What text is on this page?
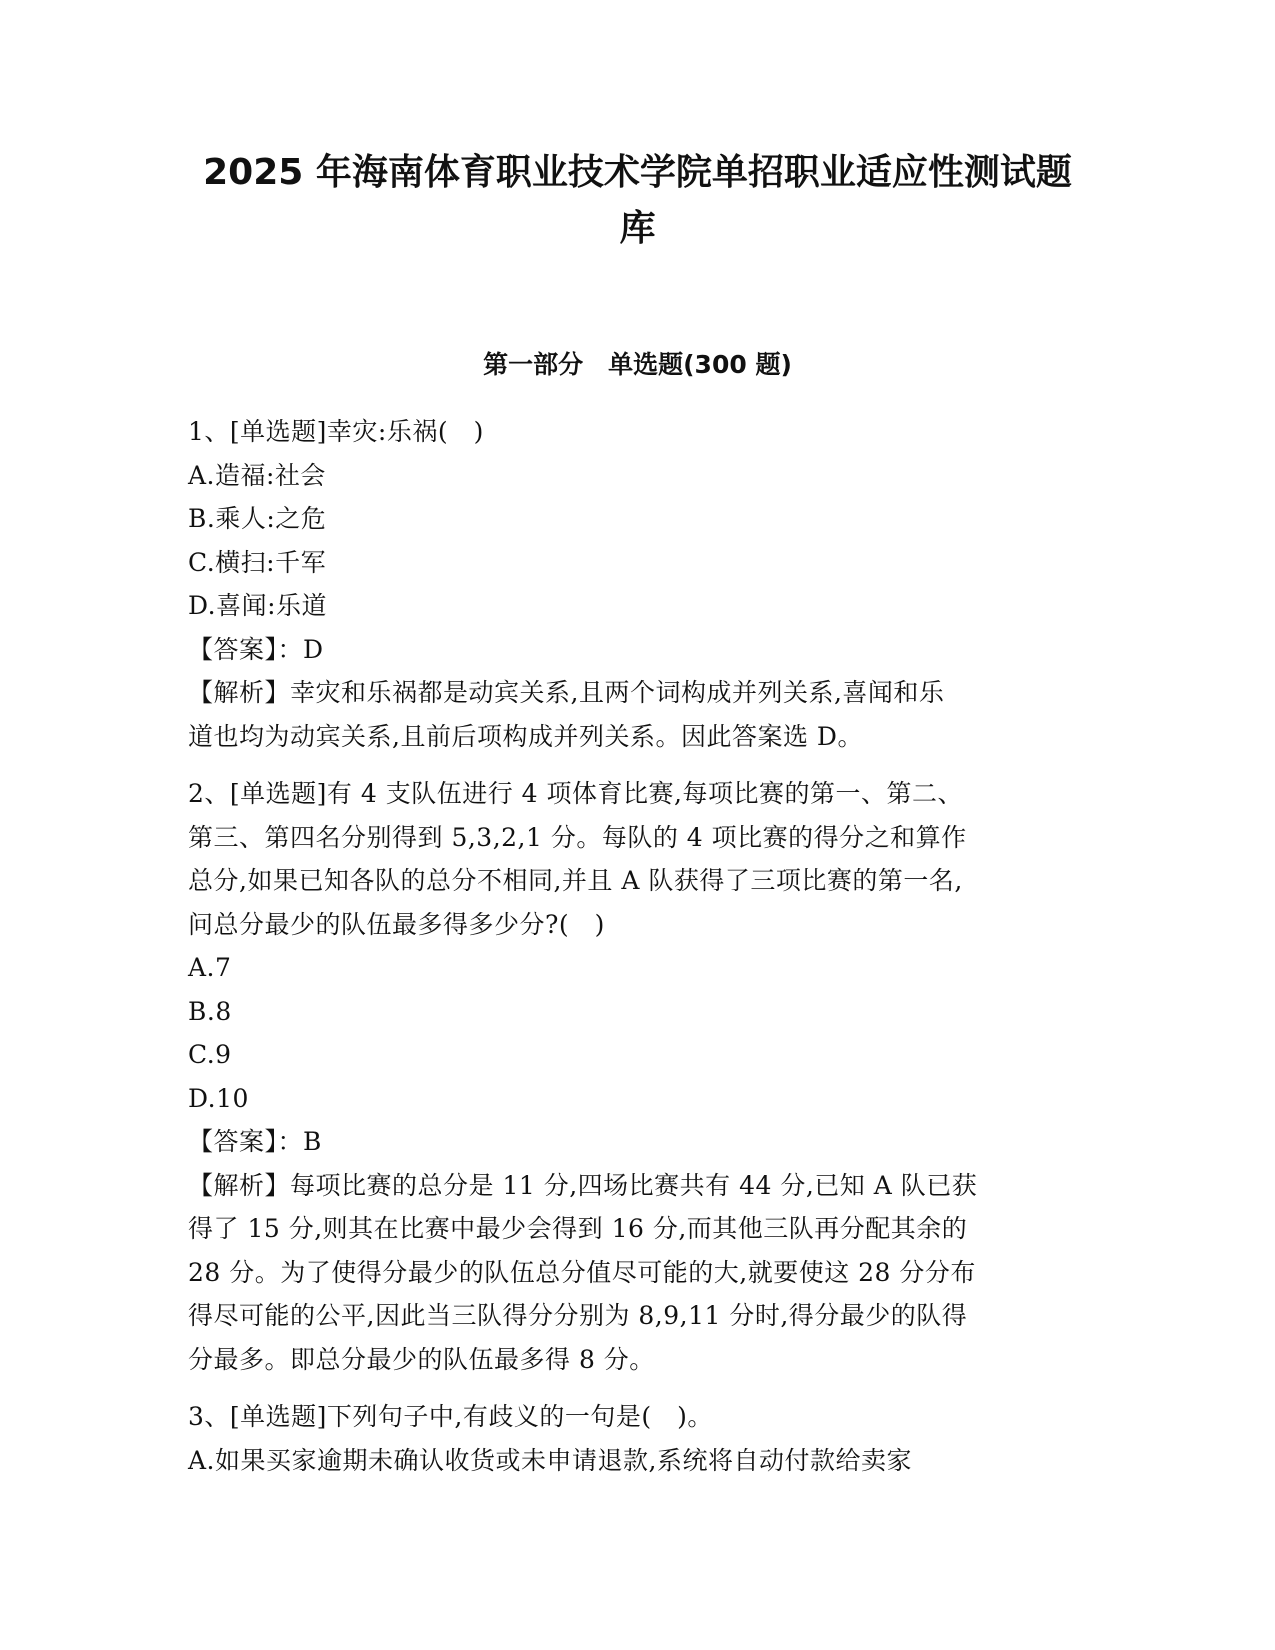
2025 年海南体育职业技术学院单招职业适应性测试题
库
第一部分　单选题(300 题)

1、[单选题]幸灾:乐祸(　)

A.造福:社会

B.乘人:之危

C.横扫:千军

D.喜闻:乐道

【答案】：D

【解析】幸灾和乐祸都是动宾关系,且两个词构成并列关系,喜闻和乐

道也均为动宾关系,且前后项构成并列关系。因此答案选 D。

2、[单选题]有 4 支队伍进行 4 项体育比赛,每项比赛的第一、第二、

第三、第四名分别得到 5,3,2,1 分。每队的 4 项比赛的得分之和算作

总分,如果已知各队的总分不相同,并且 A 队获得了三项比赛的第一名,

问总分最少的队伍最多得多少分?(　)

A.7

B.8

C.9

D.10

【答案】：B

【解析】每项比赛的总分是 11 分,四场比赛共有 44 分,已知 A 队已获

得了 15 分,则其在比赛中最少会得到 16 分,而其他三队再分配其余的

28 分。为了使得分最少的队伍总分值尽可能的大,就要使这 28 分分布

得尽可能的公平,因此当三队得分分别为 8,9,11 分时,得分最少的队得

分最多。即总分最少的队伍最多得 8 分。

3、[单选题]下列句子中,有歧义的一句是(　)。

A.如果买家逾期未确认收货或未申请退款,系统将自动付款给卖家
